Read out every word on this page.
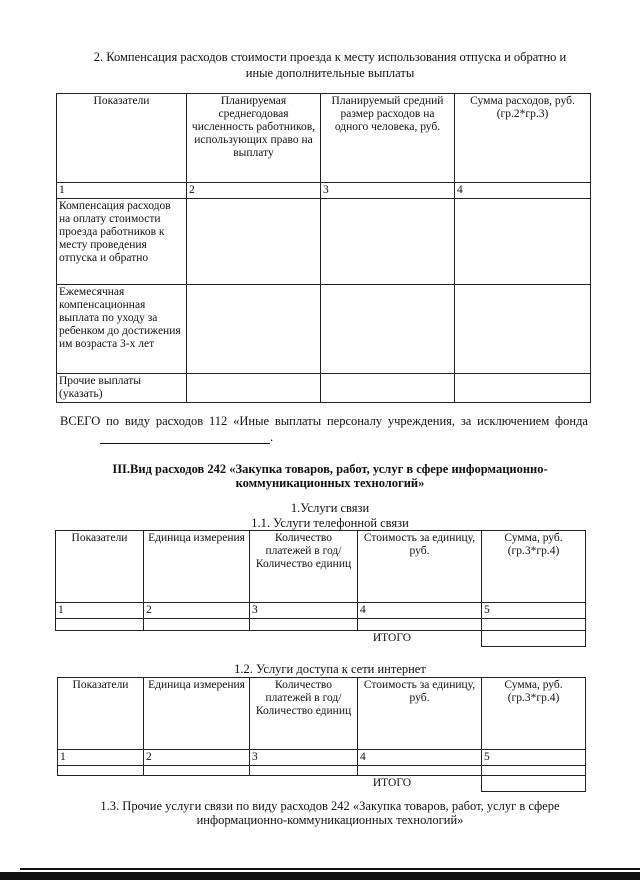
2. Компенсация расходов стоимости проезда к месту использования отпуска и обратно и
иные дополнительные выплаты
Показатели	Планируемая среднегодовая численность работников, использующих право на выплату	Планируемый средний размер расходов на одного человека, руб.	Сумма расходов, руб. (гр.2*гр.3)
1	2	3	4
Компенсация расходов на оплату стоимости проезда работников к месту проведения отпуска и обратно			
Ежемесячная компенсационная выплата по уходу за ребенком до достижения им возраста 3-х лет			
Прочие выплаты (указать)			
ВСЕГО по виду расходов 112 «Иные выплаты персоналу учреждения, за исключением фонда
.
III.Вид расходов 242 «Закупка товаров, работ, услуг в сфере информационно-
коммуникационных технологий»
1.Услуги связи
1.1. Услуги телефонной связи
Показатели	Единица измерения	Количество платежей в год/Количество единиц	Стоимость за единицу, руб.	Сумма, руб. (гр.3*гр.4)
1	2	3	4	5

ИТОГО				
1.2. Услуги доступа к сети интернет
Показатели	Единица измерения	Количество платежей в год/Количество единиц	Стоимость за единицу, руб.	Сумма, руб. (гр.3*гр.4)
1	2	3	4	5

ИТОГО				
1.3. Прочие услуги связи по виду расходов 242 «Закупка товаров, работ, услуг в сфере
информационно-коммуникационных технологий»
